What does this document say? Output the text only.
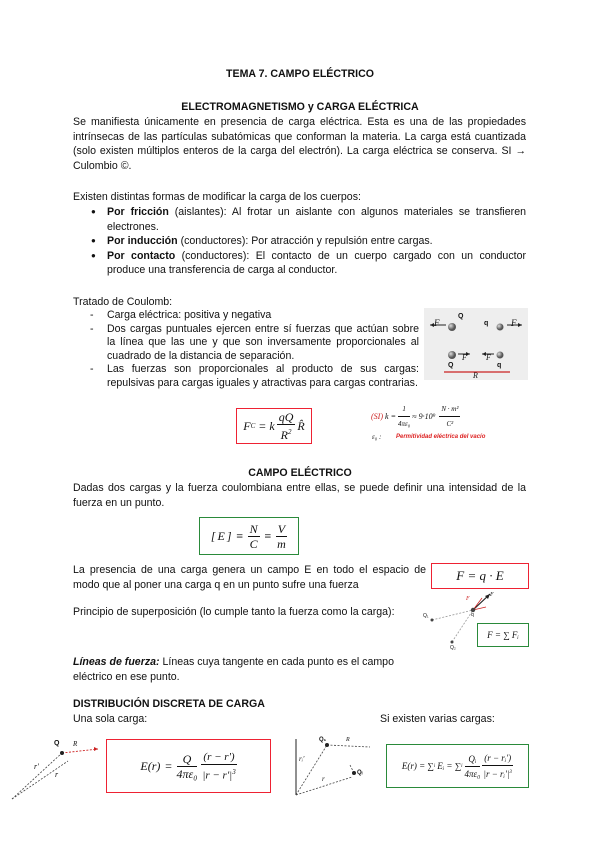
TEMA 7. CAMPO ELÉCTRICO
ELECTROMAGNETISMO y CARGA ELÉCTRICA
Se manifiesta únicamente en presencia de carga eléctrica. Esta es una de las propiedades intrínsecas de las partículas subatómicas que conforman la materia. La carga está cuantizada (solo existen múltiplos enteros de la carga del electrón). La carga eléctrica se conserva. SI → Culombio ©.
Existen distintas formas de modificar la carga de los cuerpos:
● Por fricción (aislantes): Al frotar un aislante con algunos materiales se transfieren electrones.
● Por inducción (conductores): Por atracción y repulsión entre cargas.
● Por contacto (conductores): El contacto de un cuerpo cargado con un conductor produce una transferencia de carga al conductor.
Tratado de Coulomb:
- Carga eléctrica: positiva y negativa
- Dos cargas puntuales ejercen entre sí fuerzas que actúan sobre la línea que las une y que son inversamente proporcionales al cuadrado de la distancia de separación.
- Las fuerzas son proporcionales al producto de sus cargas: repulsivas para cargas iguales y atractivas para cargas contrarias.
F
Q
q	F
Q
F F
q
R
F C = k $\frac{qQ}{R^2}$ R̂
(SI) $k = \frac{1}{\text{4πε₀}} \approx 9\cdot 10^9 \frac{\text{N · m²}}{\text{C²}}$
ε₀ : Permitividad eléctrica del vacío
CAMPO ELÉCTRICO
Dadas dos cargas y la fuerza coulombiana entre ellas, se puede definir una intensidad de la fuerza en un punto.
[ E ] ≡ $\frac{N}{C} \equiv \frac{V}{m}$
La presencia de una carga genera un campo E en todo el espacio de modo que al poner una carga q en un punto sufre una fuerza
F = q · E
Principio de superposición (lo cumple tanto la fuerza como la carga):	Q₁
Q₂
q
F
F
F = ∑ Fᵢ
Líneas de fuerza: Líneas cuya tangente en cada punto es el campo eléctrico en ese punto.
DISTRIBUCIÓN DISCRETA DE CARGA
Una sola carga:	Si existen varias cargas:
Q R
r'
r
$E(r) = \frac{Q}{\text{4πε₀}} \frac{(r - r')}{|r - r'|^3}$
Q₁
Qᵢ
rᵢ'
r
R
E(r) = ∑ i Eᵢ = ∑ i $\frac{\text{Qᵢ}}{\text{4πε₀}} \frac{\text{(r − rᵢ')}}{|r - rᵢ'|^3}$
